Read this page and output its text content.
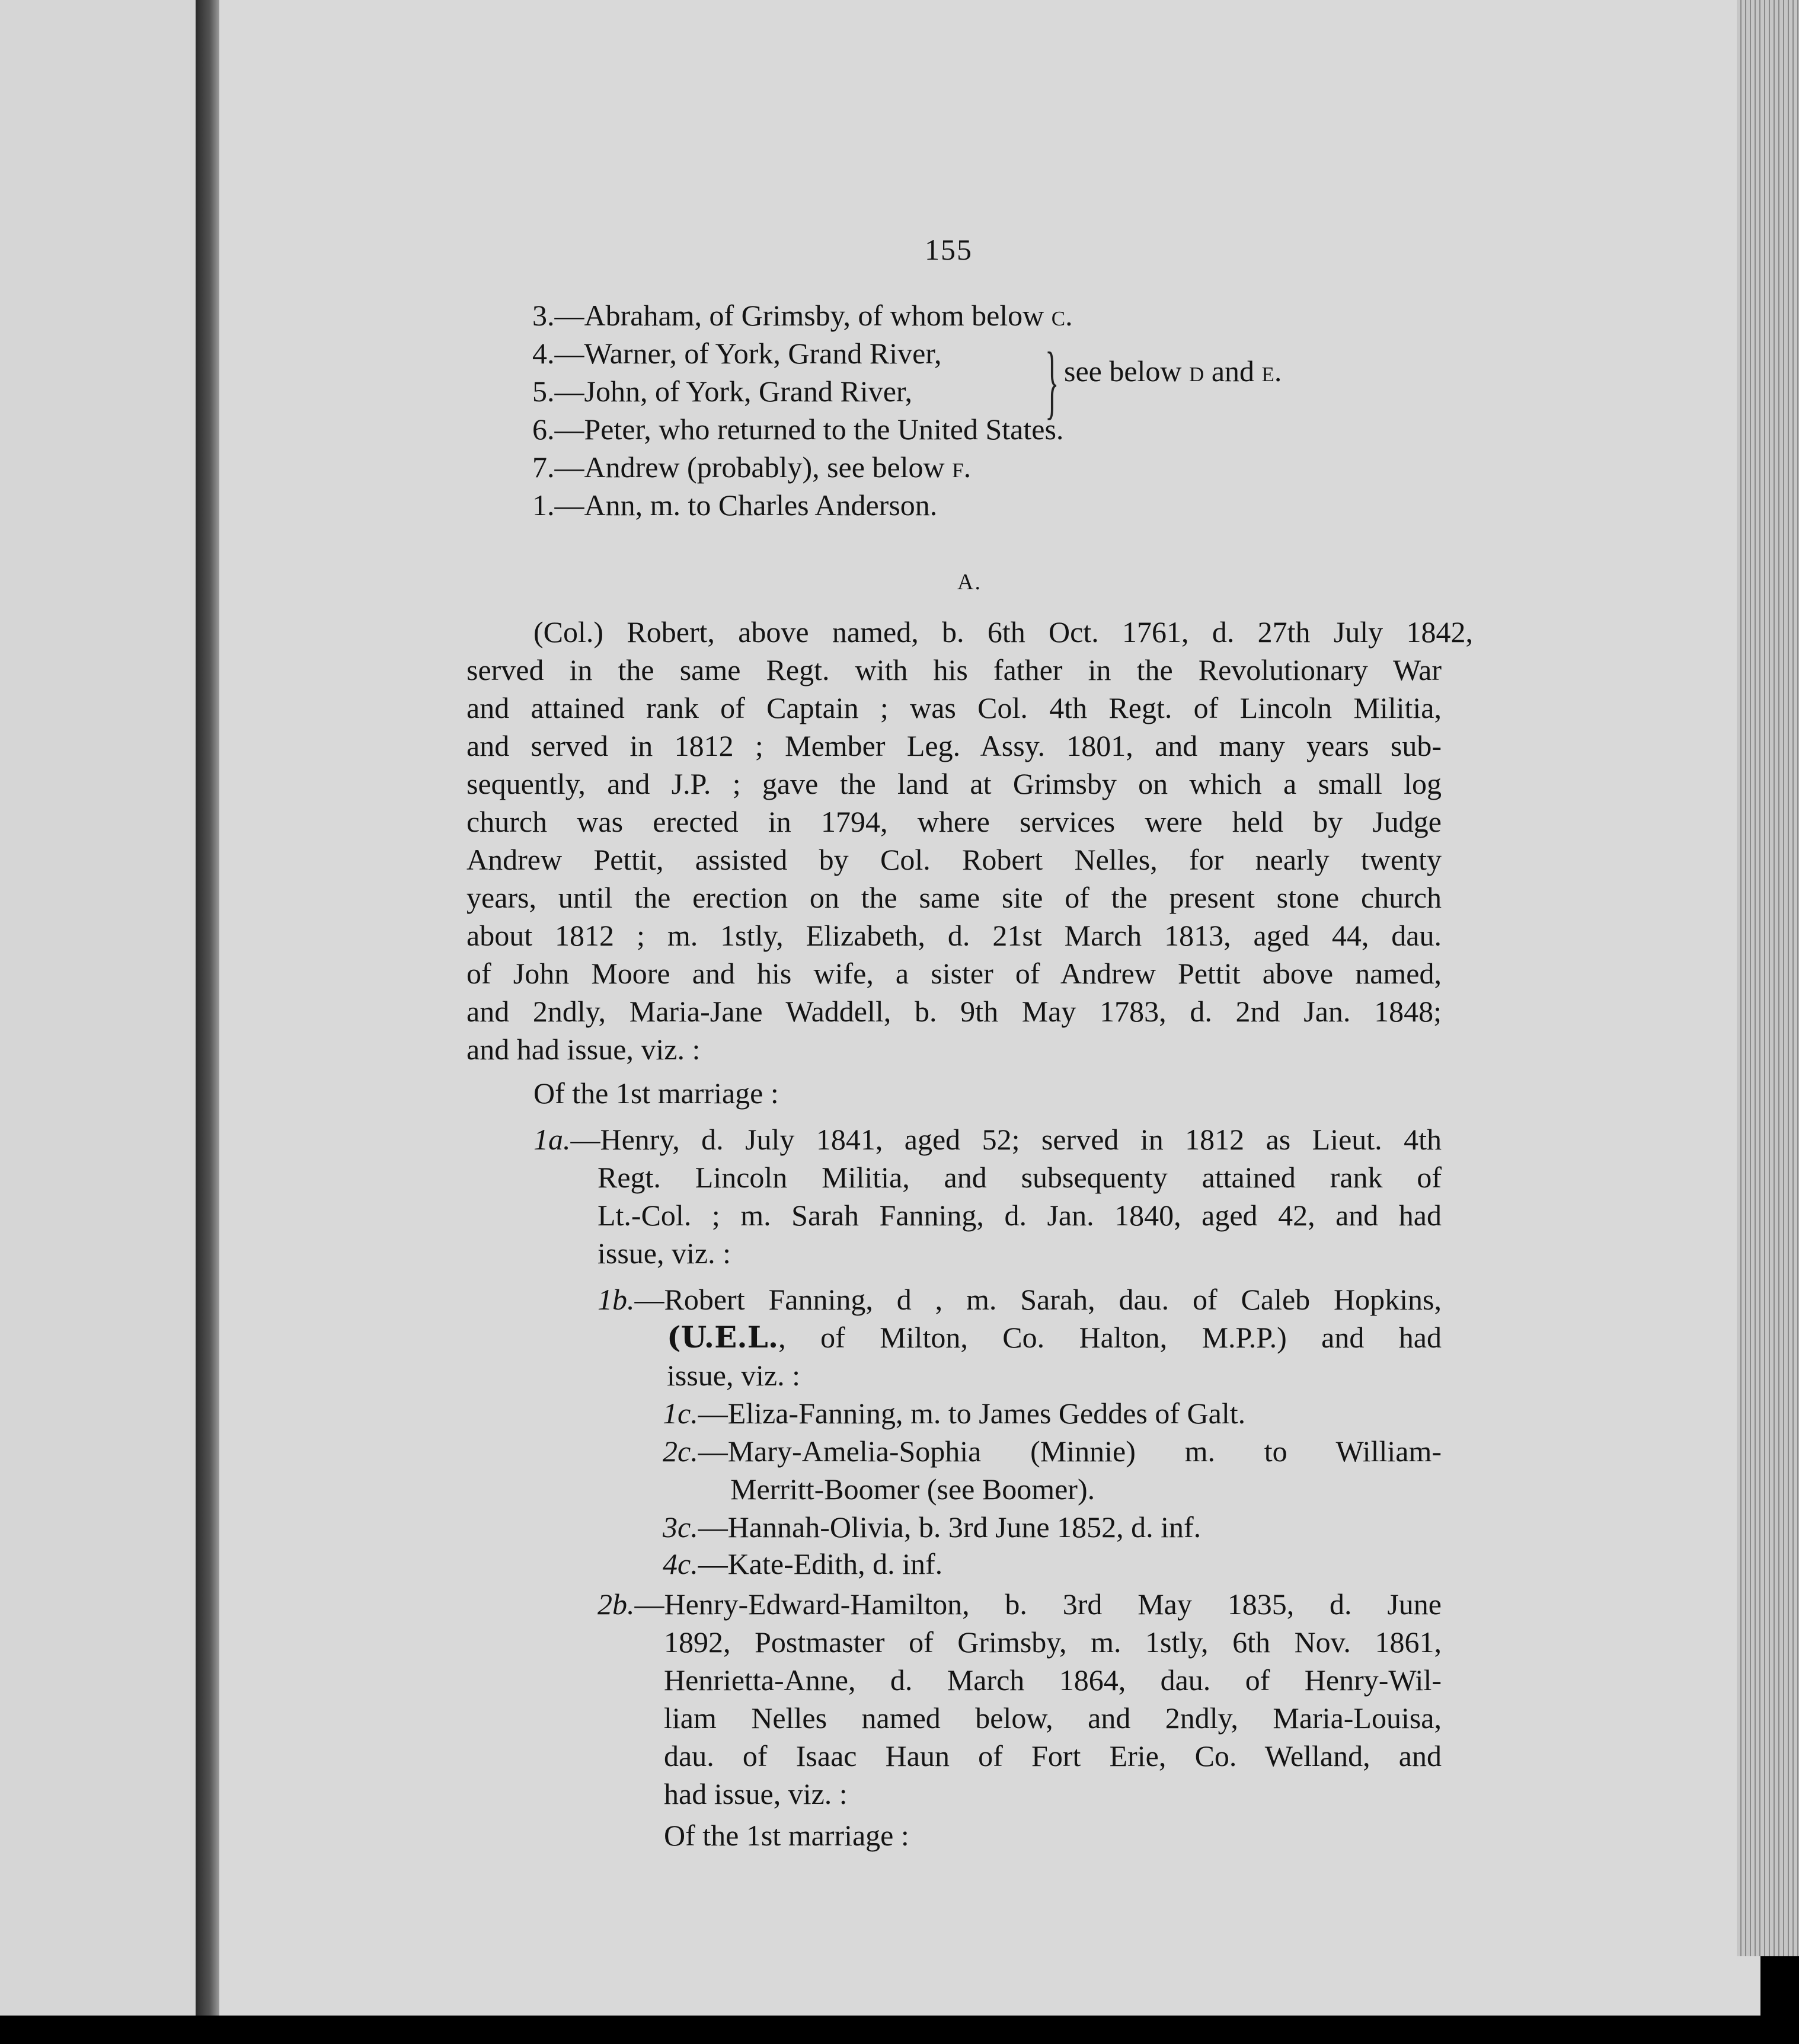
155
3.—Abraham, of Grimsby, of whom below c.
4.—Warner, of York, Grand River,
5.—John, of York, Grand River, } see below d and e.
6.—Peter, who returned to the United States.
7.—Andrew (probably), see below f.
1.—Ann, m. to Charles Anderson.
A.
(Col.) Robert, above named, b. 6th Oct. 1761, d. 27th July 1842,
served in the same Regt. with his father in the Revolutionary War
and attained rank of Captain ; was Col. 4th Regt. of Lincoln Militia,
and served in 1812 ; Member Leg. Assy. 1801, and many years sub-
sequently, and J.P. ; gave the land at Grimsby on which a small log
church was erected in 1794, where services were held by Judge
Andrew Pettit, assisted by Col. Robert Nelles, for nearly twenty
years, until the erection on the same site of the present stone church
about 1812 ; m. 1stly, Elizabeth, d. 21st March 1813, aged 44, dau.
of John Moore and his wife, a sister of Andrew Pettit above named,
and 2ndly, Maria-Jane Waddell, b. 9th May 1783, d. 2nd Jan. 1848;
and had issue, viz. :
Of the 1st marriage :
1a.—Henry, d. July 1841, aged 52; served in 1812 as Lieut. 4th
Regt. Lincoln Militia, and subsequenty attained rank of
Lt.-Col. ; m. Sarah Fanning, d. Jan. 1840, aged 42, and had
issue, viz. :
1b.—Robert Fanning, d , m. Sarah, dau. of Caleb Hopkins,
(U.E.L., of Milton, Co. Halton, M.P.P.) and had
issue, viz. :
1c.—Eliza-Fanning, m. to James Geddes of Galt.
2c.—Mary-Amelia-Sophia (Minnie) m. to William-
Merritt-Boomer (see Boomer).
3c.—Hannah-Olivia, b. 3rd June 1852, d. inf.
4c.—Kate-Edith, d. inf.
2b.—Henry-Edward-Hamilton, b. 3rd May 1835, d. June
1892, Postmaster of Grimsby, m. 1stly, 6th Nov. 1861,
Henrietta-Anne, d. March 1864, dau. of Henry-Wil-
liam Nelles named below, and 2ndly, Maria-Louisa,
dau. of Isaac Haun of Fort Erie, Co. Welland, and
had issue, viz. :
Of the 1st marriage :
